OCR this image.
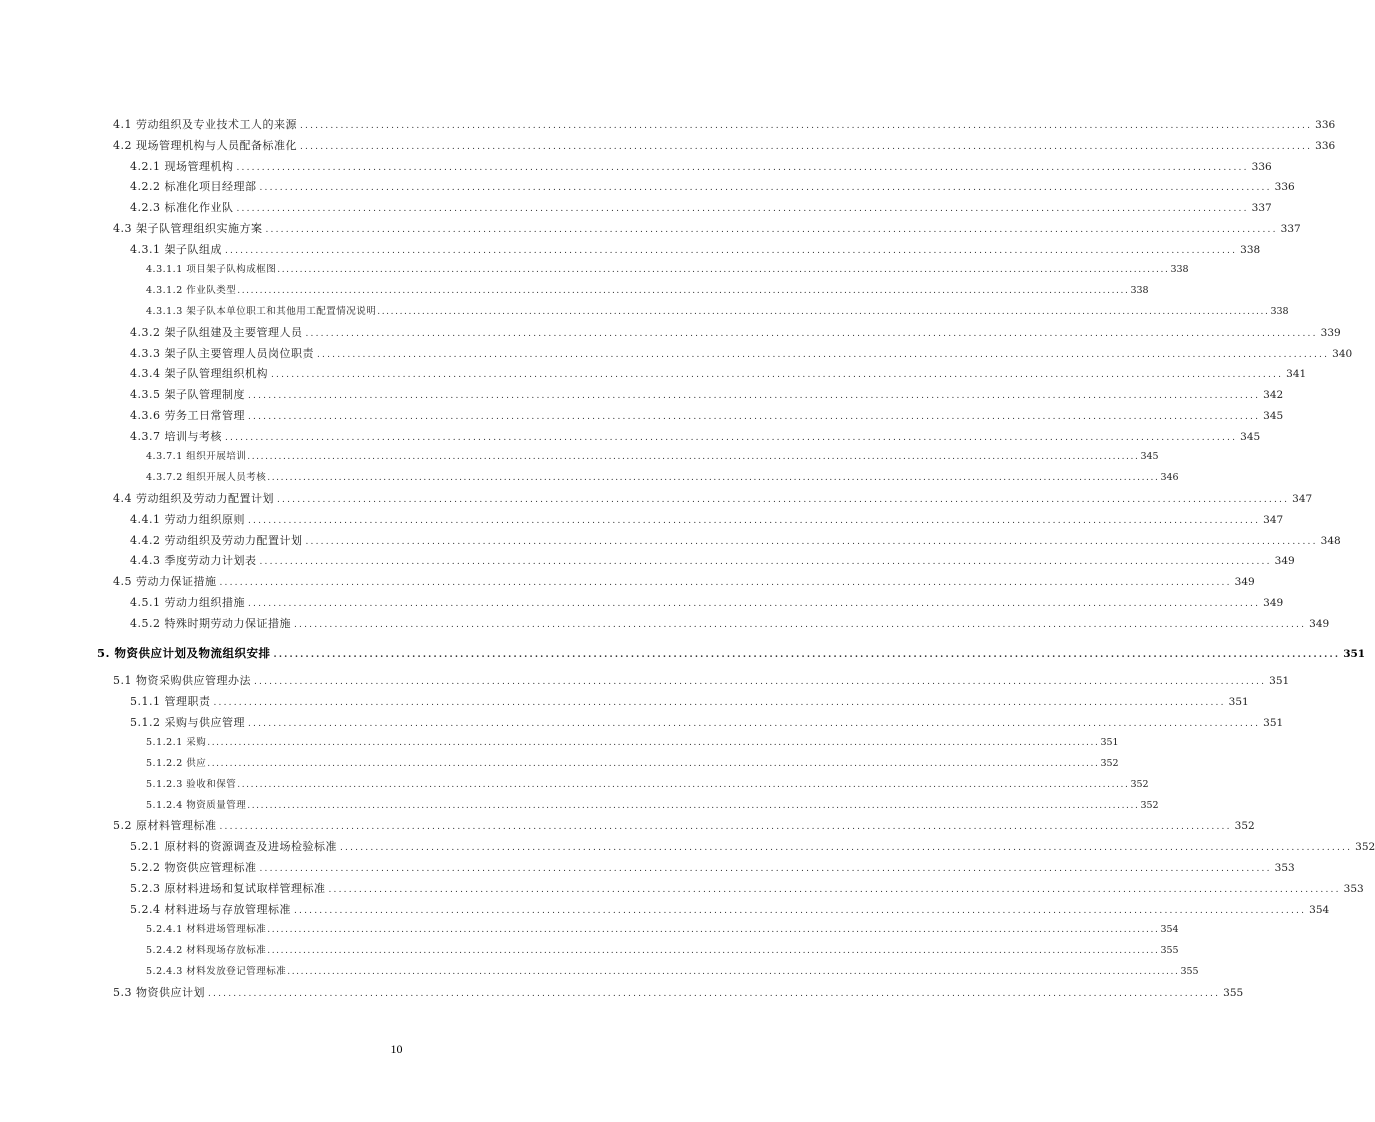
4.1 劳动组织及专业技术工人的来源 ........................................................................................................................................................................................................ 336
4.2 现场管理机构与人员配备标准化 ........................................................................................................................................................................................................ 336
4.2.1 现场管理机构 ........................................................................................................................................................................................................ 336
4.2.2 标准化项目经理部 ........................................................................................................................................................................................................ 336
4.2.3 标准化作业队 ........................................................................................................................................................................................................ 337
4.3 架子队管理组织实施方案 ........................................................................................................................................................................................................ 337
4.3.1 架子队组成 ........................................................................................................................................................................................................ 338
4.3.1.1 项目架子队构成框图 ........................................................................................................................................................................................................ 338
4.3.1.2 作业队类型 ........................................................................................................................................................................................................ 338
4.3.1.3 架子队本单位职工和其他用工配置情况说明 ........................................................................................................................................................................................................ 338
4.3.2 架子队组建及主要管理人员 ........................................................................................................................................................................................................ 339
4.3.3 架子队主要管理人员岗位职责 ........................................................................................................................................................................................................ 340
4.3.4 架子队管理组织机构 ........................................................................................................................................................................................................ 341
4.3.5 架子队管理制度 ........................................................................................................................................................................................................ 342
4.3.6 劳务工日常管理 ........................................................................................................................................................................................................ 345
4.3.7 培训与考核 ........................................................................................................................................................................................................ 345
4.3.7.1 组织开展培训 ........................................................................................................................................................................................................ 345
4.3.7.2 组织开展人员考核 ........................................................................................................................................................................................................ 346
4.4 劳动组织及劳动力配置计划 ........................................................................................................................................................................................................ 347
4.4.1 劳动力组织原则 ........................................................................................................................................................................................................ 347
4.4.2 劳动组织及劳动力配置计划 ........................................................................................................................................................................................................ 348
4.4.3 季度劳动力计划表 ........................................................................................................................................................................................................ 349
4.5 劳动力保证措施 ........................................................................................................................................................................................................ 349
4.5.1 劳动力组织措施 ........................................................................................................................................................................................................ 349
4.5.2 特殊时期劳动力保证措施 ........................................................................................................................................................................................................ 349
5. 物资供应计划及物流组织安排 ........................................................................................................................................................................................................ 351
5.1 物资采购供应管理办法 ........................................................................................................................................................................................................ 351
5.1.1 管理职责 ........................................................................................................................................................................................................ 351
5.1.2 采购与供应管理 ........................................................................................................................................................................................................ 351
5.1.2.1 采购 ........................................................................................................................................................................................................ 351
5.1.2.2 供应 ........................................................................................................................................................................................................ 352
5.1.2.3 验收和保管 ........................................................................................................................................................................................................ 352
5.1.2.4 物资质量管理 ........................................................................................................................................................................................................ 352
5.2 原材料管理标准 ........................................................................................................................................................................................................ 352
5.2.1 原材料的资源调查及进场检验标准 ........................................................................................................................................................................................................ 352
5.2.2 物资供应管理标准 ........................................................................................................................................................................................................ 353
5.2.3 原材料进场和复试取样管理标准 ........................................................................................................................................................................................................ 353
5.2.4 材料进场与存放管理标准 ........................................................................................................................................................................................................ 354
5.2.4.1 材料进场管理标准 ........................................................................................................................................................................................................ 354
5.2.4.2 材料现场存放标准 ........................................................................................................................................................................................................ 355
5.2.4.3 材料发放登记管理标准 ........................................................................................................................................................................................................ 355
5.3 物资供应计划 ........................................................................................................................................................................................................ 355
10
